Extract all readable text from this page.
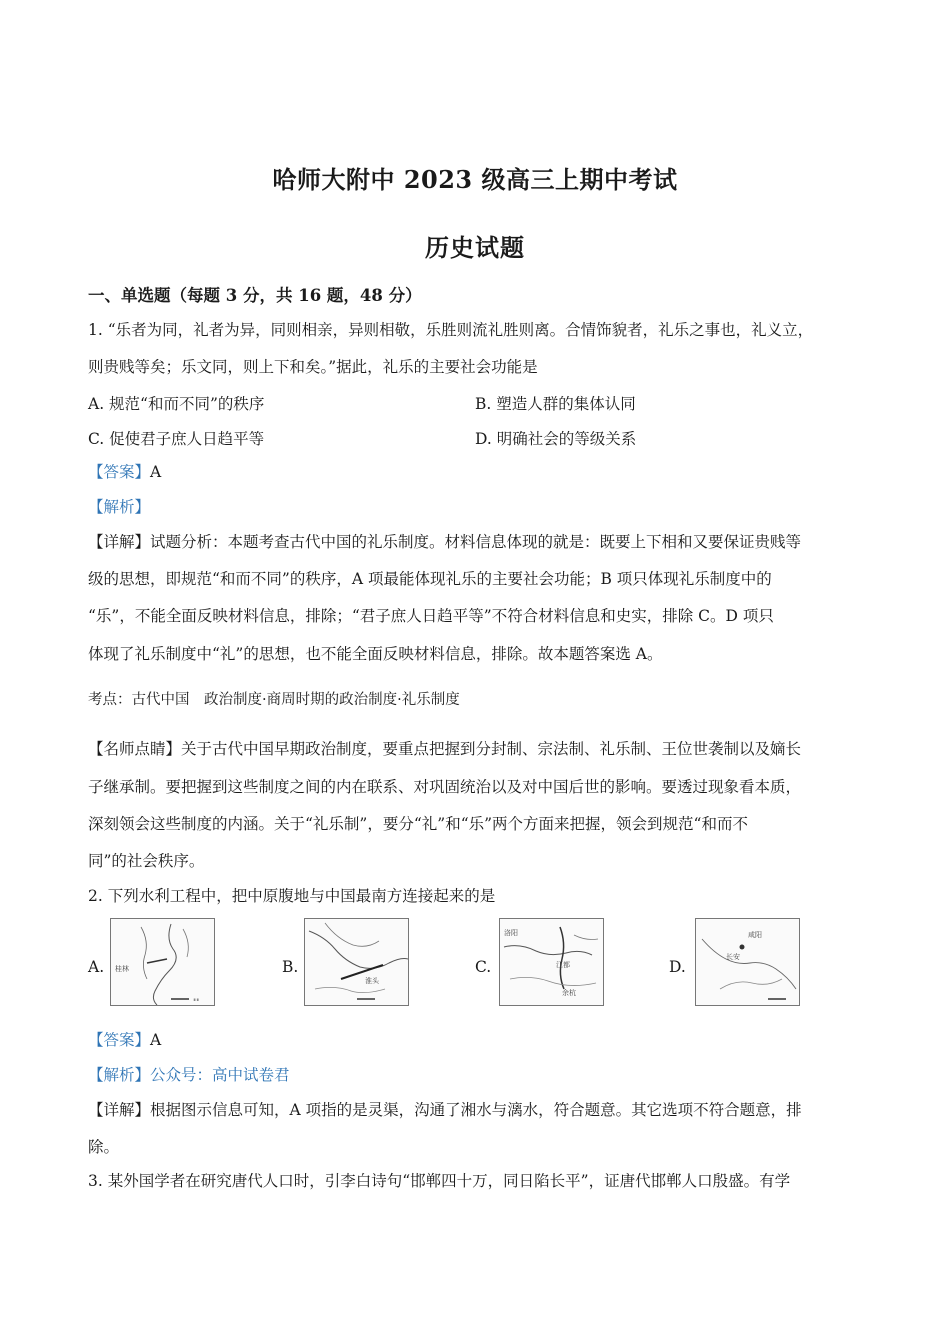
哈师大附中 2023 级高三上期中考试
历史试题
一、单选题（每题 3 分，共 16 题，48 分）
1. “乐者为同，礼者为异，同则相亲，异则相敬，乐胜则流礼胜则离。合情饰貌者，礼乐之事也，礼义立，
则贵贱等矣；乐文同，则上下和矣。”据此，礼乐的主要社会功能是
A. 规范“和而不同”的秩序	B. 塑造人群的集体认同
C. 促使君子庶人日趋平等	D. 明确社会的等级关系
【答案】A
【解析】
【详解】试题分析：本题考查古代中国的礼乐制度。材料信息体现的就是：既要上下相和又要保证贵贱等
级的思想，即规范“和而不同”的秩序，A 项最能体现礼乐的主要社会功能；B 项只体现礼乐制度中的
“乐”，不能全面反映材料信息，排除；“君子庶人日趋平等”不符合材料信息和史实，排除 C。D 项只
体现了礼乐制度中“礼”的思想，也不能全面反映材料信息，排除。故本题答案选 A。
考点：古代中国　政治制度·商周时期的政治制度·礼乐制度
【名师点睛】关于古代中国早期政治制度，要重点把握到分封制、宗法制、礼乐制、王位世袭制以及嫡长
子继承制。要把握到这些制度之间的内在联系、对巩固统治以及对中国后世的影响。要透过现象看本质，
深刻领会这些制度的内涵。关于“礼乐制”，要分“礼”和“乐”两个方面来把握，领会到规范“和而不
同”的社会秩序。
2. 下列水利工程中，把中原腹地与中国最南方连接起来的是
A. 桂林
∎∎
B.
淮头
C.
洛阳
江都
余杭
D.
咸阳
长安
【答案】A
【解析】公众号：高中试卷君
【详解】根据图示信息可知，A 项指的是灵渠，沟通了湘水与漓水，符合题意。其它选项不符合题意，排
除。
3. 某外国学者在研究唐代人口时，引李白诗句“邯郸四十万，同日陷长平”，证唐代邯郸人口殷盛。有学
